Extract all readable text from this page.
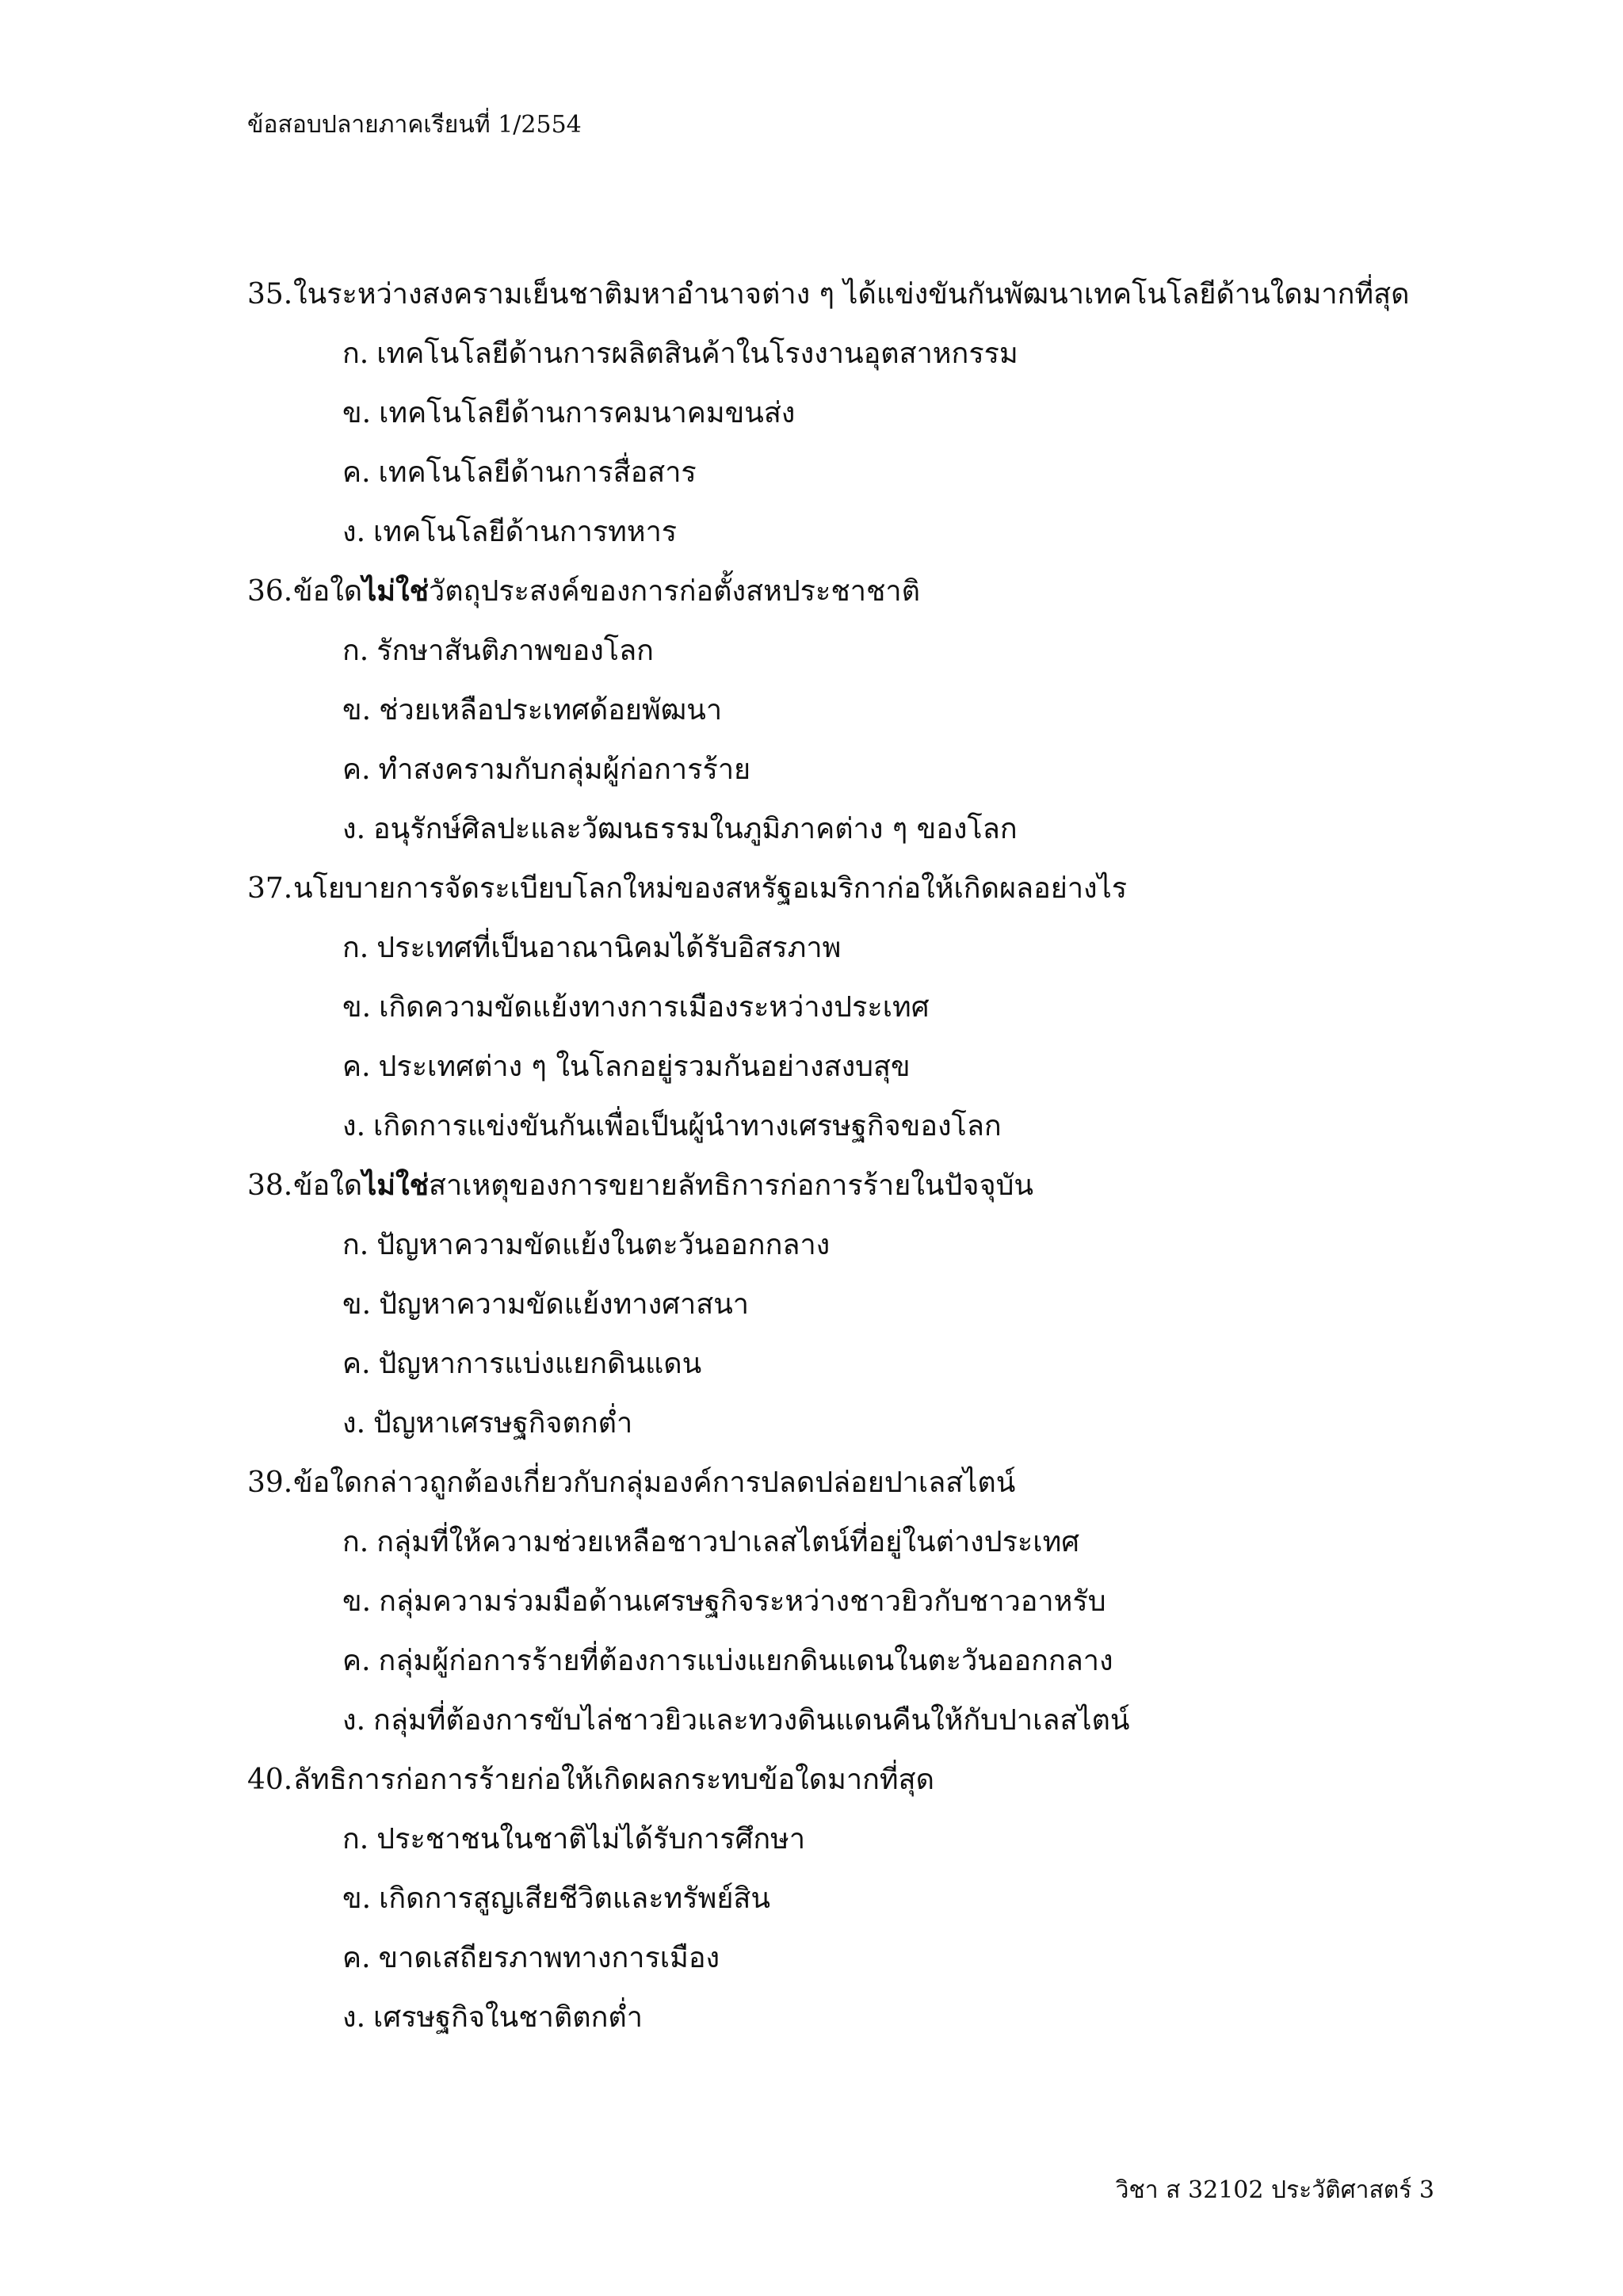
ข้อสอบปลายภาคเรียนที่ 1/2554
35.ในระหว่างสงครามเย็นชาติมหาอำนาจต่าง ๆ ได้แข่งขันกันพัฒนาเทคโนโลยีด้านใดมากที่สุด
ก. เทคโนโลยีด้านการผลิตสินค้าในโรงงานอุตสาหกรรม
ข. เทคโนโลยีด้านการคมนาคมขนส่ง
ค. เทคโนโลยีด้านการสื่อสาร
ง. เทคโนโลยีด้านการทหาร
36.ข้อใดไม่ใช่วัตถุประสงค์ของการก่อตั้งสหประชาชาติ
ก. รักษาสันติภาพของโลก
ข. ช่วยเหลือประเทศด้อยพัฒนา
ค. ทำสงครามกับกลุ่มผู้ก่อการร้าย
ง. อนุรักษ์ศิลปะและวัฒนธรรมในภูมิภาคต่าง ๆ ของโลก
37.นโยบายการจัดระเบียบโลกใหม่ของสหรัฐอเมริกาก่อให้เกิดผลอย่างไร
ก. ประเทศที่เป็นอาณานิคมได้รับอิสรภาพ
ข. เกิดความขัดแย้งทางการเมืองระหว่างประเทศ
ค. ประเทศต่าง ๆ ในโลกอยู่รวมกันอย่างสงบสุข
ง. เกิดการแข่งขันกันเพื่อเป็นผู้นำทางเศรษฐกิจของโลก
38.ข้อใดไม่ใช่สาเหตุของการขยายลัทธิการก่อการร้ายในปัจจุบัน
ก. ปัญหาความขัดแย้งในตะวันออกกลาง
ข. ปัญหาความขัดแย้งทางศาสนา
ค. ปัญหาการแบ่งแยกดินแดน
ง. ปัญหาเศรษฐกิจตกต่ำ
39.ข้อใดกล่าวถูกต้องเกี่ยวกับกลุ่มองค์การปลดปล่อยปาเลสไตน์
ก. กลุ่มที่ให้ความช่วยเหลือชาวปาเลสไตน์ที่อยู่ในต่างประเทศ
ข. กลุ่มความร่วมมือด้านเศรษฐกิจระหว่างชาวยิวกับชาวอาหรับ
ค. กลุ่มผู้ก่อการร้ายที่ต้องการแบ่งแยกดินแดนในตะวันออกกลาง
ง. กลุ่มที่ต้องการขับไล่ชาวยิวและทวงดินแดนคืนให้กับปาเลสไตน์
40.ลัทธิการก่อการร้ายก่อให้เกิดผลกระทบข้อใดมากที่สุด
ก. ประชาชนในชาติไม่ได้รับการศึกษา
ข. เกิดการสูญเสียชีวิตและทรัพย์สิน
ค. ขาดเสถียรภาพทางการเมือง
ง. เศรษฐกิจในชาติตกต่ำ
วิชา ส 32102 ประวัติศาสตร์ 3
